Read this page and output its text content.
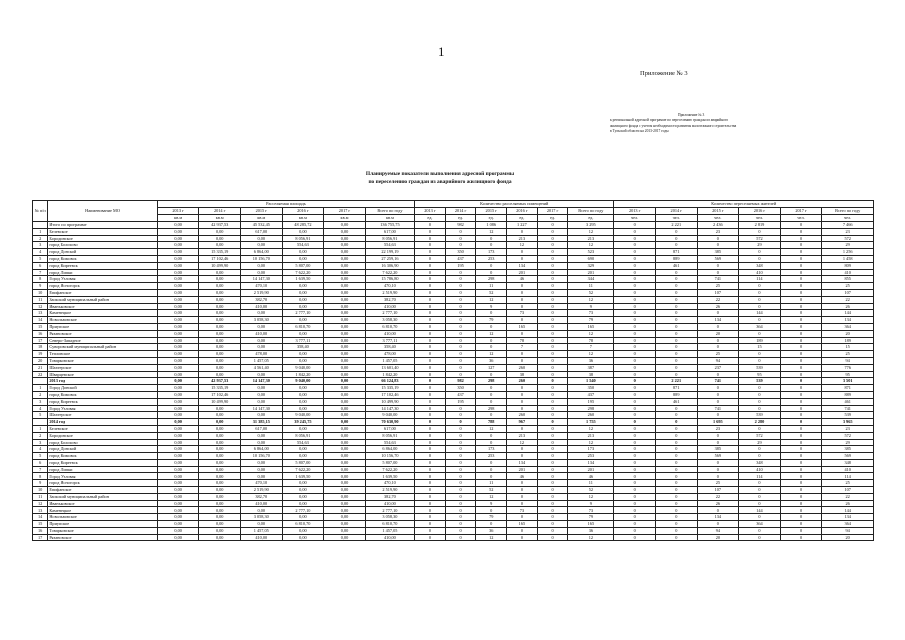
1
Приложение № 3
Приложение № 3
к региональной адресной программе по переселению граждан из аварийного
жилищного фонда с учетом необходимости развития малоэтажного строительства
в Тульской области на 2013-2017 годы
Планируемые показатели выполнения адресной программы
по переселению граждан из аварийного жилищного фонда
№ п/п	Наименование МО	Расселяемая площадь						Количество расселяемых помещений						Количество переселяемых жителей					
		2013 г	2014 г	2015 г	2016 г	2017 г	Всего по году	2013 г	2014 г	2015 г	2016 г	2017 г	Всего по году	2013 г	2014 г	2015 г	2016 г	2017 г	Всего по году
		кв.м	кв.м	кв.м	кв.м	кв.м	кв.м	ед.	ед.	ед.	ед.	ед.	ед.	чел.	чел.	чел.	чел.	чел.	чел.
	Итого по программе	0,00	42 937,53	45 532,45	48 285,72	0,00	136 755,75	0	982	1 086	1 227	0	3 295	0	2 221	2 436	2 819	0	7 466
1	Белевское	0,00	0,00	617,00	0,00	0,00	617,00	0	0	12	0	0	12	0	0	23	0	0	23
2	Бородинское	0,00	0,00	0,00	8 056,91	0,00	8 056,91	0	0	0	213	0	213	0	0	0	572	0	572
3	город Болохово	0,00	0,00	0,00	554,63	0,00	554,63	0	0	0	12	0	12	0	0	0	29	0	29
4	город Донской	0,00	15 335,19	6 864,00	0,00	0,00	22 199,19	0	350	173	0	0	523	0	871	385	0	0	1 256
5	город Кимовск	0,00	17 102,46	10 156,70	0,00	0,00	27 259,16	0	437	253	0	0	690	0	889	569	0	0	1 458
6	город Киреевск	0,00	10 499,90	0,00	5 807,00	0,00	16 306,90	0	195	0	134	0	329	0	461	0	348	0	809
7	город Липки	0,00	0,00	0,00	7 622,20	0,00	7 622,20	0	0	0	201	0	201	0	0	0	410	0	410
8	Город Узловая	0,00	0,00	14 147,30	1 639,50	0,00	15 786,80	0	0	298	46	0	344	0	0	741	114	0	855
9	город Ясногорск	0,00	0,00	470,10	0,00	0,00	470,10	0	0	11	0	0	11	0	0	25	0	0	25
10	Епифанское	0,00	0,00	2 519,90	0,00	0,00	2 519,90	0	0	52	0	0	52	0	0	107	0	0	107
11	Заокский муниципальный район	0,00	0,00	382,70	0,00	0,00	382,70	0	0	12	0	0	12	0	0	22	0	0	22
12	Иваньковское	0,00	0,00	410,00	0,00	0,00	410,00	0	0	9	0	0	9	0	0	26	0	0	26
13	Каменецкое	0,00	0,00	0,00	2 777,10	0,00	2 777,10	0	0	0	73	0	73	0	0	0	144	0	144
14	Новольвовское	0,00	0,00	3 058,30	0,00	0,00	3 058,30	0	0	79	0	0	79	0	0	134	0	0	134
15	Приупское	0,00	0,00	0,00	6 810,70	0,00	6 810,70	0	0	0	165	0	165	0	0	0	364	0	364
16	Рязановское	0,00	0,00	410,00	0,00	0,00	410,00	0	0	12	0	0	12	0	0	20	0	0	20
17	Северо-Западное	0,00	0,00	0,00	3 777,11	0,00	3 777,11	0	0	0	78	0	78	0	0	0	189	0	189
18	Суворовский муниципальный район	0,00	0,00	0,00	358,40	0,00	358,40	0	0	0	7	0	7	0	0	0	15	0	15
19	Тепловское	0,00	0,00	478,00	0,00	0,00	478,00	0	0	12	0	0	12	0	0	25	0	0	25
20	Товарковское	0,00	0,00	1 457,05	0,00	0,00	1 457,05	0	0	36	0	0	36	0	0	94	0	0	94
21	Шахтерское	0,00	0,00	4 561,40	9 040,00	0,00	13 601,40	0	0	127	260	0	387	0	0	237	539	0	776
22	Шварцевское	0,00	0,00	0,00	1 842,20	0,00	1 842,20	0	0	0	38	0	38	0	0	0	95	0	95
	2013 год	0,00	42 937,53	14 147,30	9 040,00	0,00	66 124,83	0	982	298	260	0	1 540	0	2 221	741	539	0	3 501
1	Город Донской	0,00	15 335,19	0,00	0,00	0,00	15 335,19	0	350	0	0	0	350	0	871	0	0	0	871
2	город Кимовск	0,00	17 102,46	0,00	0,00	0,00	17 102,46	0	437	0	0	0	437	0	889	0	0	0	889
3	город Киреевск	0,00	10 499,90	0,00	0,00	0,00	10 499,90	0	195	0	0	0	195	0	461	0	0	0	461
4	Город Узловая	0,00	0,00	14 147,30	0,00	0,00	14 147,30	0	0	298	0	0	298	0	0	741	0	0	741
5	Шахтерское	0,00	0,00	0,00	9 040,00	0,00	9 040,00	0	0	0	260	0	260	0	0	0	539	0	539
	2014 год	0,00	0,00	31 385,15	39 245,75	0,00	70 630,90	0	0	788	967	0	1 755	0	0	1 695	2 280	0	3 965
1	Белевское	0,00	0,00	617,00	0,00	0,00	617,00	0	0	12	0	0	12	0	0	23	0	0	23
2	Бородинское	0,00	0,00	0,00	8 056,91	0,00	8 056,91	0	0	0	213	0	213	0	0	0	572	0	572
3	город Болохово	0,00	0,00	0,00	554,63	0,00	554,63	0	0	0	12	0	12	0	0	0	29	0	29
4	город Донской	0,00	0,00	6 864,00	0,00	0,00	6 864,00	0	0	173	0	0	173	0	0	385	0	0	385
5	город Кимовск	0,00	0,00	10 156,70	0,00	0,00	10 156,70	0	0	253	0	0	253	0	0	569	0	0	569
6	город Киреевск	0,00	0,00	0,00	5 807,00	0,00	5 807,00	0	0	0	134	0	134	0	0	0	348	0	348
7	город Липки	0,00	0,00	0,00	7 622,20	0,00	7 622,20	0	0	0	201	0	201	0	0	0	410	0	410
8	Город Узловая	0,00	0,00	0,00	1 639,50	0,00	1 639,50	0	0	0	46	0	46	0	0	0	114	0	114
9	город Ясногорск	0,00	0,00	470,10	0,00	0,00	470,10	0	0	11	0	0	11	0	0	25	0	0	25
10	Епифанское	0,00	0,00	2 519,90	0,00	0,00	2 519,90	0	0	52	0	0	52	0	0	107	0	0	107
11	Заокский муниципальный район	0,00	0,00	382,70	0,00	0,00	382,70	0	0	12	0	0	12	0	0	22	0	0	22
12	Иваньковское	0,00	0,00	410,00	0,00	0,00	410,00	0	0	9	0	0	9	0	0	26	0	0	26
13	Каменецкое	0,00	0,00	0,00	2 777,10	0,00	2 777,10	0	0	0	73	0	73	0	0	0	144	0	144
14	Новольвовское	0,00	0,00	3 058,30	0,00	0,00	3 058,30	0	0	79	0	0	79	0	0	134	0	0	134
15	Приупское	0,00	0,00	0,00	6 810,70	0,00	6 810,70	0	0	0	165	0	165	0	0	0	364	0	364
16	Товарковское	0,00	0,00	1 457,05	0,00	0,00	1 457,05	0	0	36	0	0	36	0	0	94	0	0	94
17	Рязановское	0,00	0,00	410,00	0,00	0,00	410,00	0	0	12	0	0	12	0	0	20	0	0	20
